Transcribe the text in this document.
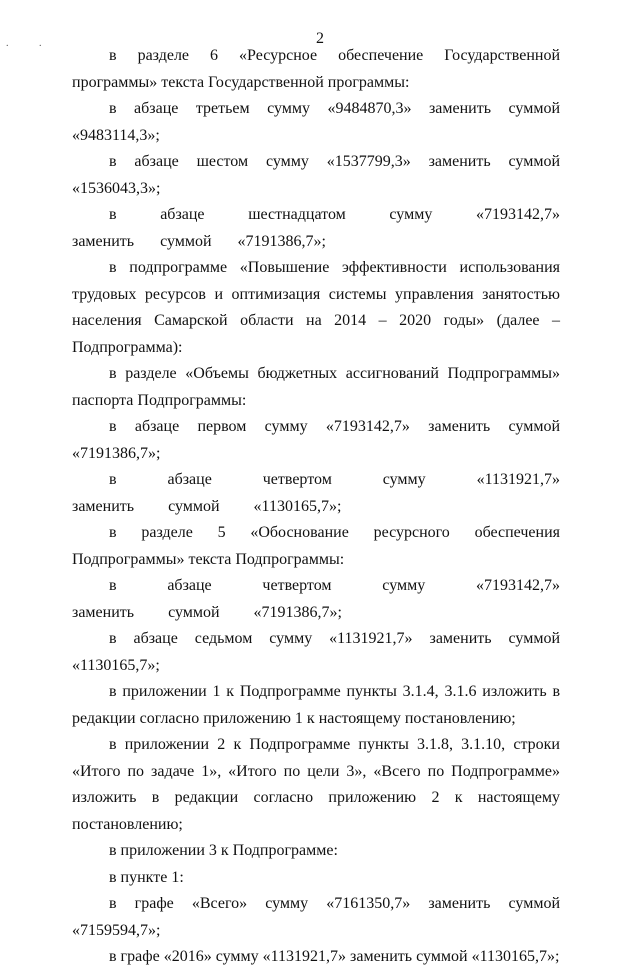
. .	2

в разделе 6 «Ресурсное обеспечение Государственной программы» текста Государственной программы:

в абзаце третьем сумму «9484870,3» заменить суммой «9483114,3»;

в абзаце шестом сумму «1537799,3» заменить суммой «1536043,3»;

в абзаце шестнадцатом сумму «7193142,7» заменить суммой «7191386,7»;

в подпрограмме «Повышение эффективности использования трудовых ресурсов и оптимизация системы управления занятостью населения Самарской области на 2014 – 2020 годы» (далее – Подпрограмма):

в разделе «Объемы бюджетных ассигнований Подпрограммы» паспорта Подпрограммы:

в абзаце первом сумму «7193142,7» заменить суммой «7191386,7»;

в абзаце четвертом сумму «1131921,7» заменить суммой «1130165,7»;

в разделе 5 «Обоснование ресурсного обеспечения Подпрограммы» текста Подпрограммы:

в абзаце четвертом сумму «7193142,7» заменить суммой «7191386,7»;

в абзаце седьмом сумму «1131921,7» заменить суммой «1130165,7»;

в приложении 1 к Подпрограмме пункты 3.1.4, 3.1.6 изложить в редакции согласно приложению 1 к настоящему постановлению;

в приложении 2 к Подпрограмме пункты 3.1.8, 3.1.10, строки «Итого по задаче 1», «Итого по цели 3», «Всего по Подпрограмме» изложить в редакции согласно приложению 2 к настоящему постановлению;

в приложении 3 к Подпрограмме:

в пункте 1:

в графе «Всего» сумму «7161350,7» заменить суммой «7159594,7»;

в графе «2016» сумму «1131921,7» заменить суммой «1130165,7»;
